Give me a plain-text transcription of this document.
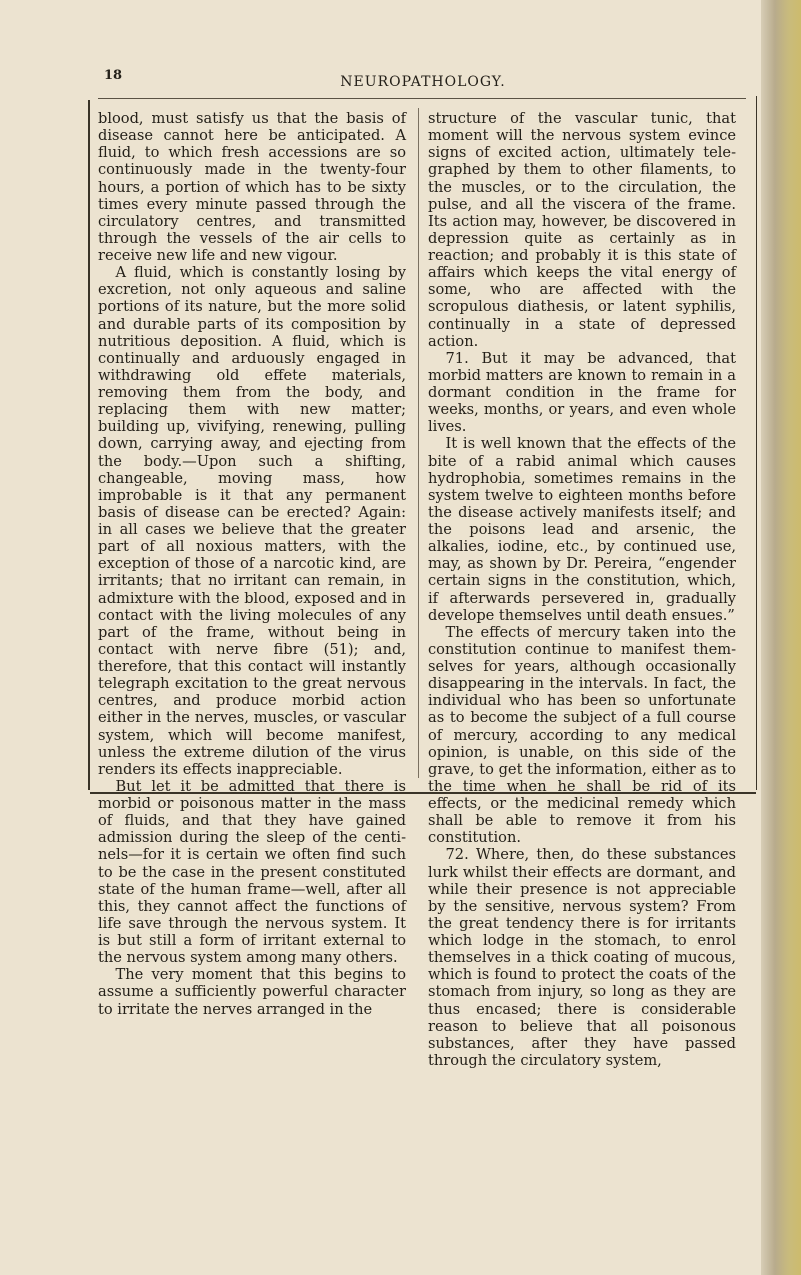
18	NEUROPATHOLOGY.

blood, must satisfy us that the basis of disease cannot here be anticipated. A fluid, to which fresh accessions are so continuously made in the twenty-four hours, a portion of which has to be sixty times every minute passed through the circulatory centres, and transmitted through the vessels of the air cells to receive new life and new vigour.

A fluid, which is constantly losing by excretion, not only aqueous and saline portions of its nature, but the more solid and durable parts of its composition by nutritious deposition. A fluid, which is continually and arduously engaged in withdrawing old effete materials, removing them from the body, and replacing them with new matter; building up, vivifying, renewing, pulling down, carrying away, and ejecting from the body.—Upon such a shifting, changeable, moving mass, how improbable is it that any permanent basis of disease can be erected? Again: in all cases we believe that the greater part of all noxious matters, with the exception of those of a narcotic kind, are irritants; that no irritant can remain, in admixture with the blood, exposed and in contact with the living molecules of any part of the frame, without being in contact with nerve fibre (51); and, therefore, that this contact will instantly telegraph excitation to the great nervous centres, and produce morbid action either in the nerves, muscles, or vascular system, which will become manifest, unless the extreme dilution of the virus renders its effects inappreciable.

But let it be admitted that there is morbid or poisonous matter in the mass of fluids, and that they have gained admission during the sleep of the centinels—for it is certain we often find such to be the case in the present constituted state of the human frame—well, after all this, they cannot affect the functions of life save through the nervous system. It is but still a form of irritant external to the nervous system among many others.

The very moment that this begins to assume a sufficiently powerful character to irritate the nerves arranged in the

structure of the vascular tunic, that moment will the nervous system evince signs of excited action, ultimately telegraphed by them to other filaments, to the muscles, or to the circulation, the pulse, and all the viscera of the frame. Its action may, however, be discovered in depression quite as certainly as in reaction; and probably it is this state of affairs which keeps the vital energy of some, who are affected with the scropulous diathesis, or latent syphilis, continually in a state of depressed action.

71. But it may be advanced, that morbid matters are known to remain in a dormant condition in the frame for weeks, months, or years, and even whole lives.

It is well known that the effects of the bite of a rabid animal which causes hydrophobia, sometimes remains in the system twelve to eighteen months before the disease actively manifests itself; and the poisons lead and arsenic, the alkalies, iodine, etc., by continued use, may, as shown by Dr. Pereira, “engender certain signs in the constitution, which, if afterwards persevered in, gradually develope themselves until death ensues.”

The effects of mercury taken into the constitution continue to manifest themselves for years, although occasionally disappearing in the intervals. In fact, the individual who has been so unfortunate as to become the subject of a full course of mercury, according to any medical opinion, is unable, on this side of the grave, to get the information, either as to the time when he shall be rid of its effects, or the medicinal remedy which shall be able to remove it from his constitution.

72. Where, then, do these substances lurk whilst their effects are dormant, and while their presence is not appreciable by the sensitive, nervous system? From the great tendency there is for irritants which lodge in the stomach, to enrol themselves in a thick coating of mucous, which is found to protect the coats of the stomach from injury, so long as they are thus encased; there is considerable reason to believe that all poisonous substances, after they have passed through the circulatory system,
